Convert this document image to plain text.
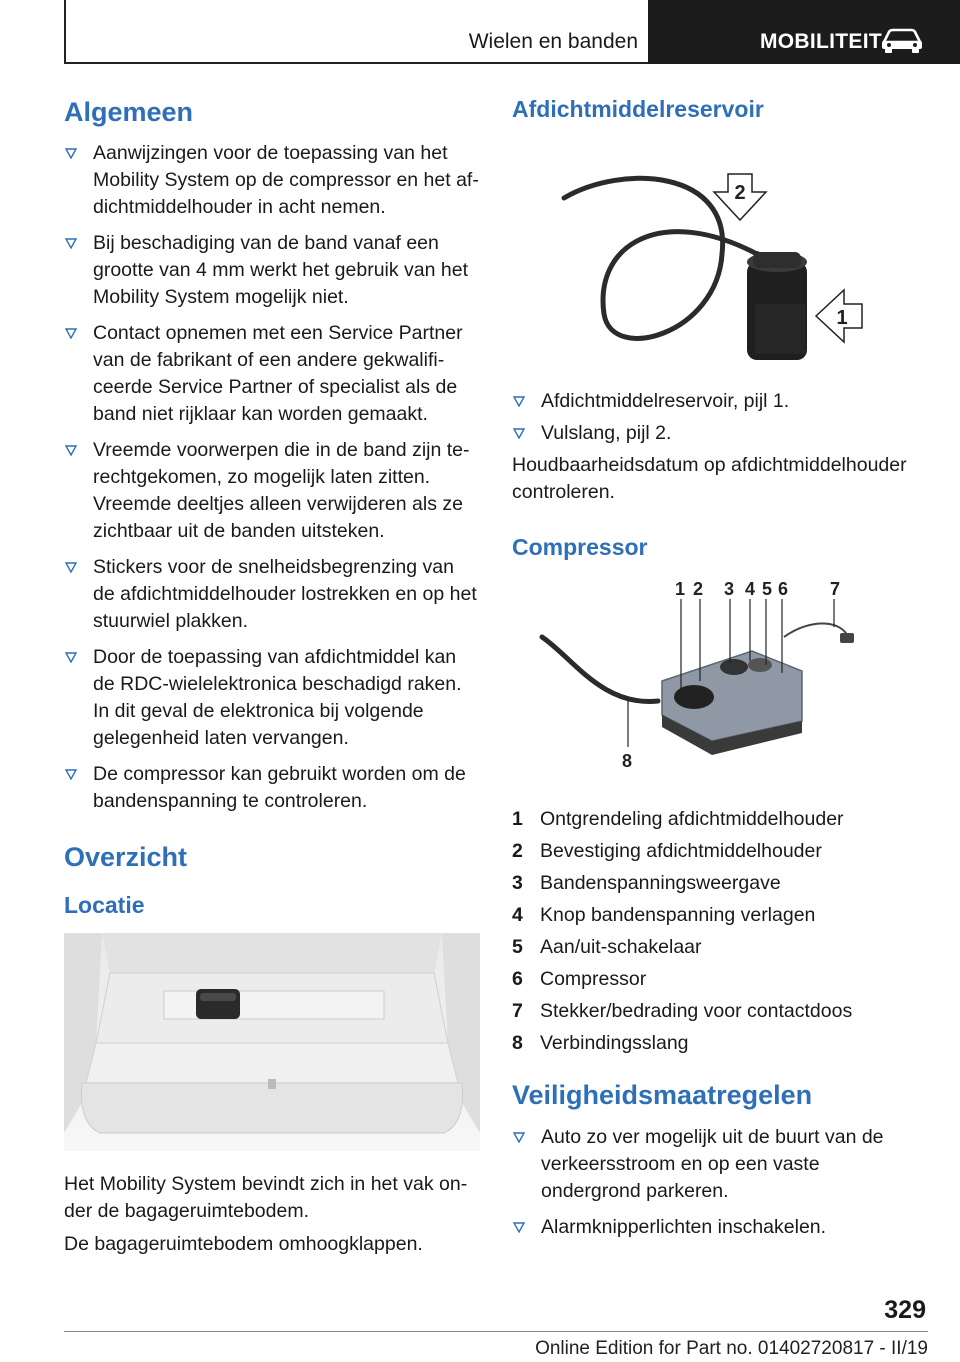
Wielen en banden	MOBILITEIT
Algemeen
Aanwijzingen voor de toepassing van het Mobility System op de compressor en het afdichtmiddelhouder in acht nemen.
Bij beschadiging van de band vanaf een grootte van 4 mm werkt het gebruik van het Mobility System mogelijk niet.
Contact opnemen met een Service Partner van de fabrikant of een andere gekwalificeerde Service Partner of specialist als de band niet rijklaar kan worden gemaakt.
Vreemde voorwerpen die in de band zijn terechtgekomen, zo mogelijk laten zitten. Vreemde deeltjes alleen verwijderen als ze zichtbaar uit de banden uitsteken.
Stickers voor de snelheidsbegrenzing van de afdichtmiddelhouder lostrekken en op het stuurwiel plakken.
Door de toepassing van afdichtmiddel kan de RDC-wielelektronica beschadigd raken. In dit geval de elektronica bij volgende gelegenheid laten vervangen.
De compressor kan gebruikt worden om de bandenspanning te controleren.
Overzicht
Locatie

Het Mobility System bevindt zich in het vak onder de bagageruimtebodem.

De bagageruimtebodem omhoogklappen.

Afdichtmiddelreservoir
2
1
Afdichtmiddelreservoir, pijl 1.
Vulslang, pijl 2.

Houdbaarheidsdatum op afdichtmiddelhouder controleren.

Compressor
1 2 3 4 5 6 7
8
1 Ontgrendeling afdichtmiddelhouder
2 Bevestiging afdichtmiddelhouder
3 Bandenspanningsweergave
4 Knop bandenspanning verlagen
5 Aan/uit-schakelaar
6 Compressor
7 Stekker/bedrading voor contactdoos
8 Verbindingsslang
Veiligheidsmaatregelen
Auto zo ver mogelijk uit de buurt van de verkeersstroom en op een vaste ondergrond parkeren.
Alarmknipperlichten inschakelen.
329
Online Edition for Part no. 01402720817 - II/19
